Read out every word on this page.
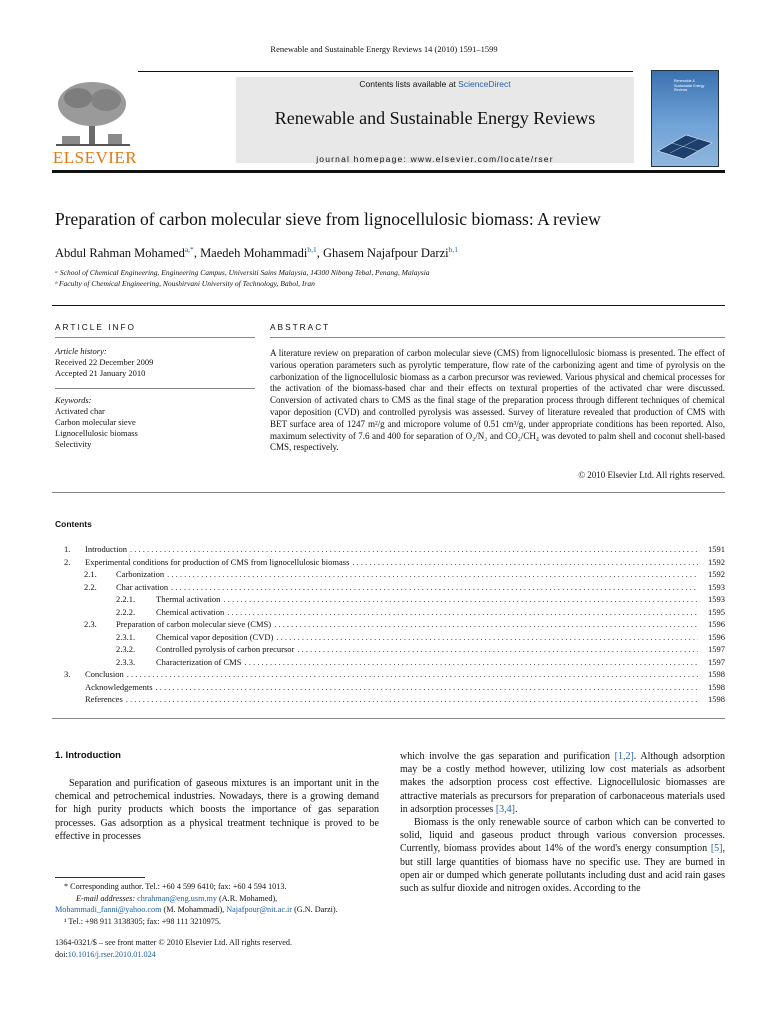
Renewable and Sustainable Energy Reviews 14 (2010) 1591–1599
Contents lists available at ScienceDirect
Renewable and Sustainable Energy Reviews
journal homepage: www.elsevier.com/locate/rser
ELSEVIER
Renewable & Sustainable Energy Reviews
Preparation of carbon molecular sieve from lignocellulosic biomass: A review
Abdul Rahman Mohamed$^{a,*}$, Maedeh Mohammadi$^{b,1}$, Ghasem Najafpour Darzi$^{b,1}$
ᵃ School of Chemical Engineering, Engineering Campus, Universiti Sains Malaysia, 14300 Nibong Tebal, Penang, Malaysia
ᵇ Faculty of Chemical Engineering, Noushirvani University of Technology, Babol, Iran
ARTICLE INFO
Article history:
Received 22 December 2009
Accepted 21 January 2010
Keywords:
Activated char
Carbon molecular sieve
Lignocellulosic biomass
Selectivity
ABSTRACT
A literature review on preparation of carbon molecular sieve (CMS) from lignocellulosic biomass is presented. The effect of various operation parameters such as pyrolytic temperature, flow rate of the carbonizing agent and time of pyrolysis on the carbonization of the lignocellulosic biomass as a carbon precursor was reviewed. Various physical and chemical processes for the activation of the biomass-based char and their effects on textural properties of the activated char were discussed. Conversion of activated chars to CMS as the final stage of the preparation process through different techniques of chemical vapor deposition (CVD) and controlled pyrolysis was assessed. Survey of literature revealed that production of CMS with BET surface area of 1247 m²/g and micropore volume of 0.51 cm³/g, under appropriate conditions has been reported. Also, maximum selectivity of 7.6 and 400 for separation of O₂/N₂ and CO₂/CH₄ was devoted to palm shell and coconut shell-based CMS, respectively.
© 2010 Elsevier Ltd. All rights reserved.
Contents
1.	Introduction . . .	1591
2.	Experimental conditions for production of CMS from lignocellulosic biomass . . .	1592
2.1.	Carbonization . . .	1592
2.2.	Char activation . . .	1593
2.2.1.	Thermal activation . . .	1593
2.2.2.	Chemical activation . . .	1595
2.3.	Preparation of carbon molecular sieve (CMS) . . .	1596
2.3.1.	Chemical vapor deposition (CVD) . . .	1596
2.3.2.	Controlled pyrolysis of carbon precursor . . .	1597
2.3.3.	Characterization of CMS . . .	1597
3.	Conclusion . . .	1598
Acknowledgements . . .	1598
References . . .	1598
1. Introduction
Separation and purification of gaseous mixtures is an important unit in the chemical and petrochemical industries. Nowadays, there is a growing demand for high purity products which boosts the importance of gas separation processes. Gas adsorption as a physical treatment technique is proved to be effective in processes
which involve the gas separation and purification [1,2]. Although adsorption may be a costly method however, utilizing low cost materials as adsorbent makes the adsorption process cost effective. Lignocellulosic biomasses are attractive materials as precursors for preparation of carbonaceous materials used in adsorption processes [3,4].
Biomass is the only renewable source of carbon which can be converted to solid, liquid and gaseous product through various conversion processes. Currently, biomass provides about 14% of the word's energy consumption [5], but still large quantities of biomass have no specific use. They are burned in open air or dumped which generate pollutants including dust and acid rain gases such as sulfur dioxide and nitrogen oxides. According to the
* Corresponding author. Tel.: +60 4 599 6410; fax: +60 4 594 1013.
E-mail addresses: chrahman@eng.usm.my (A.R. Mohamed),
Mohammadi_fanni@yahoo.com (M. Mohammadi), Najafpour@nit.ac.ir (G.N. Darzi).
¹ Tel.: +98 911 3138305; fax: +98 111 3210975.
1364-0321/$ – see front matter © 2010 Elsevier Ltd. All rights reserved.
doi:10.1016/j.rser.2010.01.024
